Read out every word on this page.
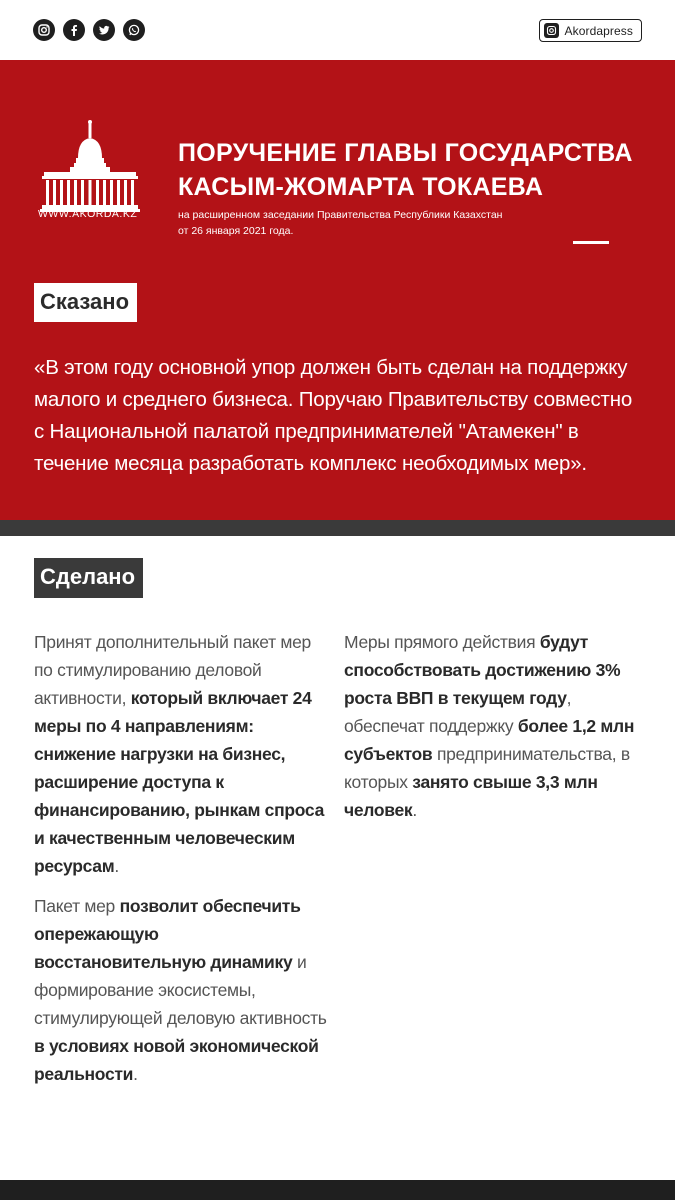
Akordapress
WWW.AKORDA.KZ
ПОРУЧЕНИЕ ГЛАВЫ ГОСУДАРСТВА
КАСЫМ-ЖОМАРТА ТОКАЕВА
на расширенном заседании Правительства Республики Казахстан
от 26 января 2021 года.
Сказано
«В этом году основной упор должен быть сделан на поддержку малого и среднего бизнеса. Поручаю Правительству совместно с Национальной палатой предпринимателей "Атамекен" в течение месяца разработать комплекс необходимых мер».
Сделано
Принят дополнительный пакет мер по стимулированию деловой активности, который включает 24 меры по 4 направлениям: снижение нагрузки на бизнес, расширение доступа к финансированию, рынкам спроса и качественным человеческим ресурсам.
Пакет мер позволит обеспечить опережающую восстановительную динамику и формирование экосистемы, стимулирующей деловую активность в условиях новой экономической реальности.
Меры прямого действия будут способствовать достижению 3% роста ВВП в текущем году, обеспечат поддержку более 1,2 млн субъектов предпринимательства, в которых занято свыше 3,3 млн человек.
